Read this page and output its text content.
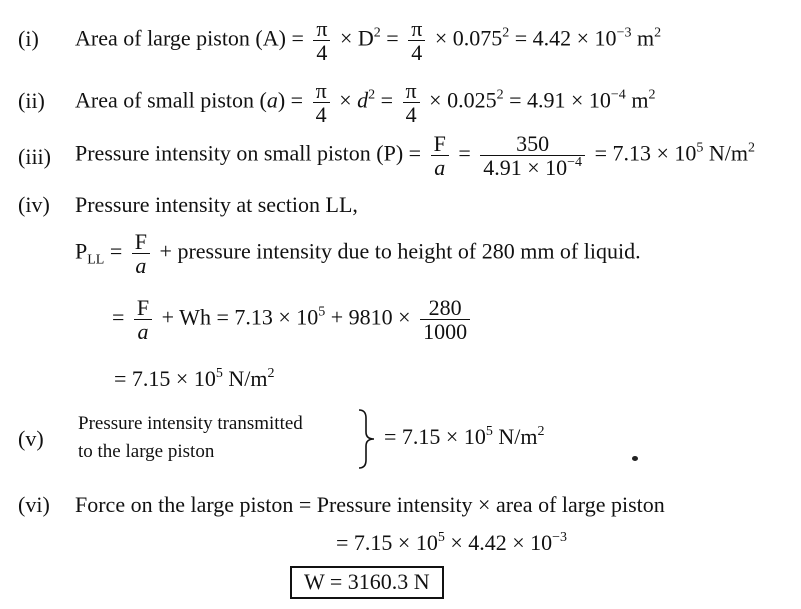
(i) Area of large piston $(A) = \frac{\pi}{4} \times D^2 = \frac{\pi}{4} \times 0.075^2 = 4.42 \times 10^{-3}$ $m^2$
(ii) Area of small piston $(a) = \frac{\pi}{4} \times d^2 = \frac{\pi}{4} \times 0.025^2 = 4.91 \times 10^{-4}$ $m^2$
(iii) Pressure intensity on small piston $(P) = \frac{F}{a} = \frac{350}{4.91 \times 10^{-4}} = 7.13 \times 10^5$ $N/m^2$
(iv) Pressure intensity at section LL,
$P_{LL} = \frac{F}{a}$ + pressure intensity due to height of 280 mm of liquid.
= $\frac{F}{a} + Wh = 7.13 \times 10^5 + 9810 \times \frac{280}{1000}$
= $7.15 \times 10^5$ $N/m^2$
(v)
Pressure intensity transmitted
to the large piston
= $7.15 \times 10^5$ $N/m^2$
(vi) Force on the large piston = Pressure intensity × area of large piston
= $7.15 \times 10^5 \times 4.42 \times 10^{-3}$
W = 3160.3 N
